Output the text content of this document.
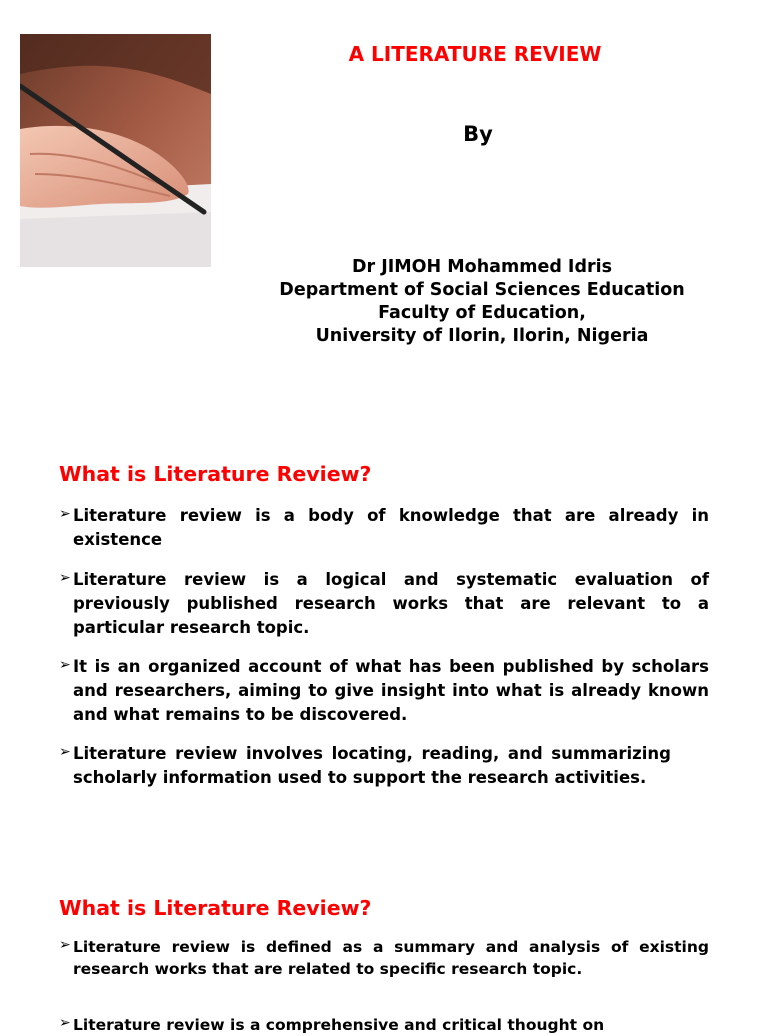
A LITERATURE REVIEW
By
Dr JIMOH Mohammed Idris
Department of Social Sciences Education
Faculty of Education,
University of Ilorin, Ilorin, Nigeria
What is Literature Review?
➢ Literature review is a body of knowledge that are already in existence
➢ Literature review is a logical and systematic evaluation of previously published research works that are relevant to a particular research topic.
➢ It is an organized account of what has been published by scholars and researchers, aiming to give insight into what is already known and what remains to be discovered.
➢ Literature review involves locating, reading, and summarizing scholarly information used to support the research activities.
What is Literature Review?
➢ Literature review is defined as a summary and analysis of existing research works that are related to specific research topic.
➢ Literature review is a comprehensive and critical thought on
